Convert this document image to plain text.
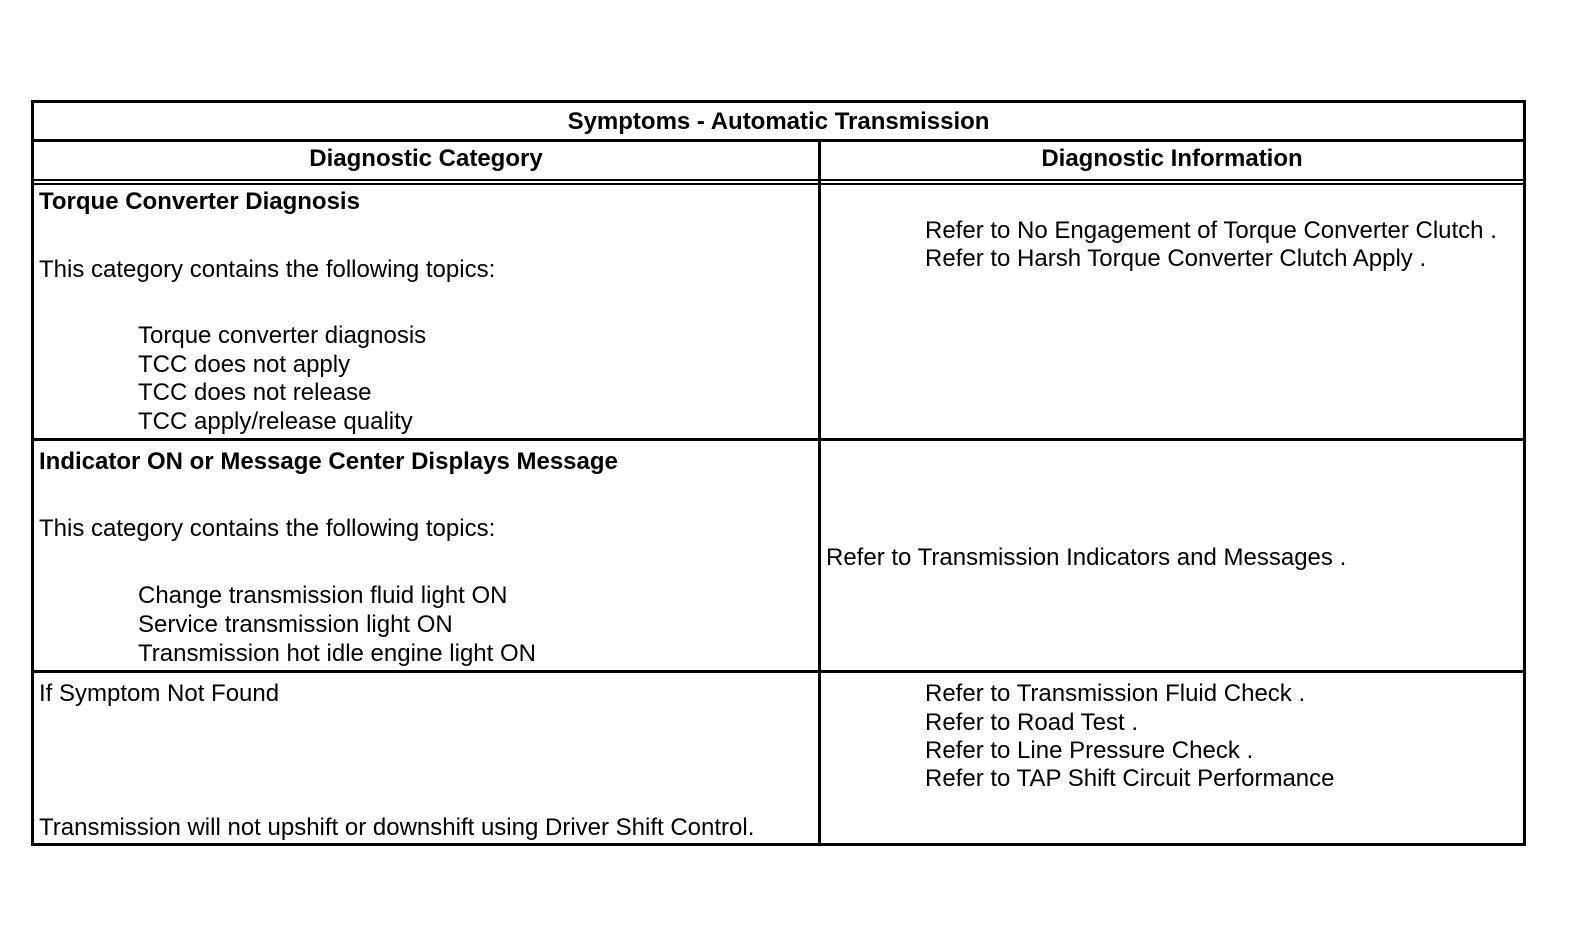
Symptoms - Automatic Transmission
Diagnostic Category	Diagnostic Information
Torque Converter Diagnosis
This category contains the following topics:
Torque converter diagnosis
TCC does not apply
TCC does not release
TCC apply/release quality
Refer to No Engagement of Torque Converter Clutch .
Refer to Harsh Torque Converter Clutch Apply .
Indicator ON or Message Center Displays Message
This category contains the following topics:
Change transmission fluid light ON
Service transmission light ON
Transmission hot idle engine light ON
Refer to Transmission Indicators and Messages .
If Symptom Not Found
Transmission will not upshift or downshift using Driver Shift Control.
Refer to Transmission Fluid Check .
Refer to Road Test .
Refer to Line Pressure Check .
Refer to TAP Shift Circuit Performance
